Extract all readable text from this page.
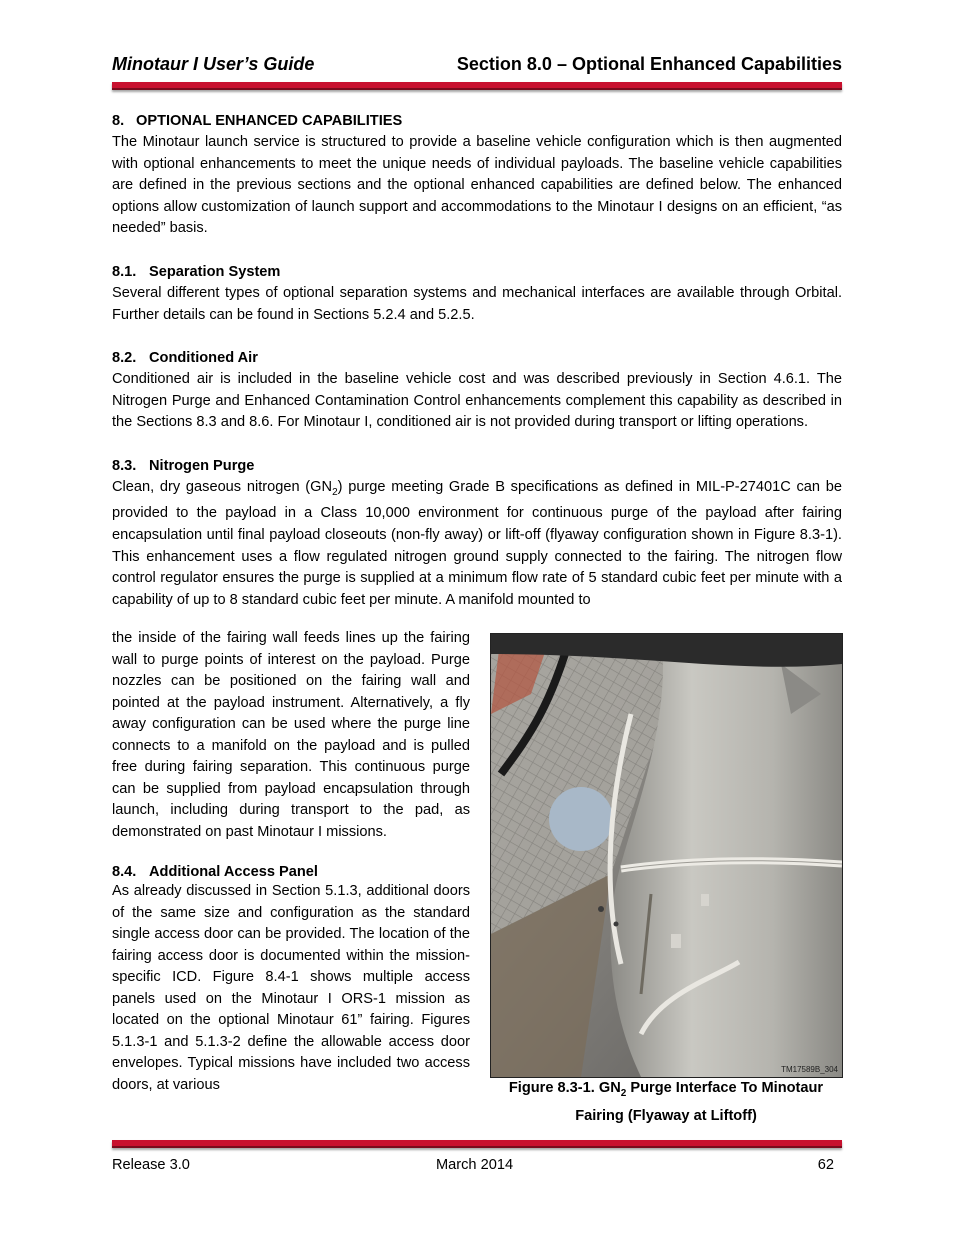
Minotaur I User’s Guide	Section 8.0 – Optional Enhanced Capabilities
8. OPTIONAL ENHANCED CAPABILITIES

The Minotaur launch service is structured to provide a baseline vehicle configuration which is then augmented with optional enhancements to meet the unique needs of individual payloads. The baseline vehicle capabilities are defined in the previous sections and the optional enhanced capabilities are defined below. The enhanced options allow customization of launch support and accommodations to the Minotaur I designs on an efficient, “as needed” basis.

8.1. Separation System

Several different types of optional separation systems and mechanical interfaces are available through Orbital. Further details can be found in Sections 5.2.4 and 5.2.5.

8.2. Conditioned Air

Conditioned air is included in the baseline vehicle cost and was described previously in Section 4.6.1. The Nitrogen Purge and Enhanced Contamination Control enhancements complement this capability as described in the Sections 8.3 and 8.6. For Minotaur I, conditioned air is not provided during transport or lifting operations.

8.3. Nitrogen Purge

Clean, dry gaseous nitrogen $(GN_2)$ purge meeting Grade B specifications as defined in MIL-P-27401C can be provided to the payload in a Class 10,000 environment for continuous purge of the payload after fairing encapsulation until final payload closeouts (non-fly away) or lift-off (flyaway configuration shown in Figure 8.3-1). This enhancement uses a flow regulated nitrogen ground supply connected to the fairing. The nitrogen flow control regulator ensures the purge is supplied at a minimum flow rate of 5 standard cubic feet per minute with a capability of up to 8 standard cubic feet per minute. A manifold mounted to

the inside of the fairing wall feeds lines up the fairing wall to purge points of interest on the payload. Purge nozzles can be positioned on the fairing wall and pointed at the payload instrument. Alternatively, a fly away configuration can be used where the purge line connects to a manifold on the payload and is pulled free during fairing separation. This continuous purge can be supplied from payload encapsulation through launch, including during transport to the pad, as demonstrated on past Minotaur I missions.

8.4. Additional Access Panel

As already discussed in Section 5.1.3, additional doors of the same size and configuration as the standard single access door can be provided. The location of the fairing access door is documented within the mission-specific ICD. Figure 8.4-1 shows multiple access panels used on the Minotaur I ORS-1 mission as located on the optional Minotaur 61” fairing. Figures 5.1.3-1 and 5.1.3-2 define the allowable access door envelopes. Typical missions have included two access doors, at various

TM17589B_304
Figure 8.3-1. $GN_2$ Purge Interface To Minotaur Fairing (Flyaway at Liftoff)
Release 3.0	March 2014	62
